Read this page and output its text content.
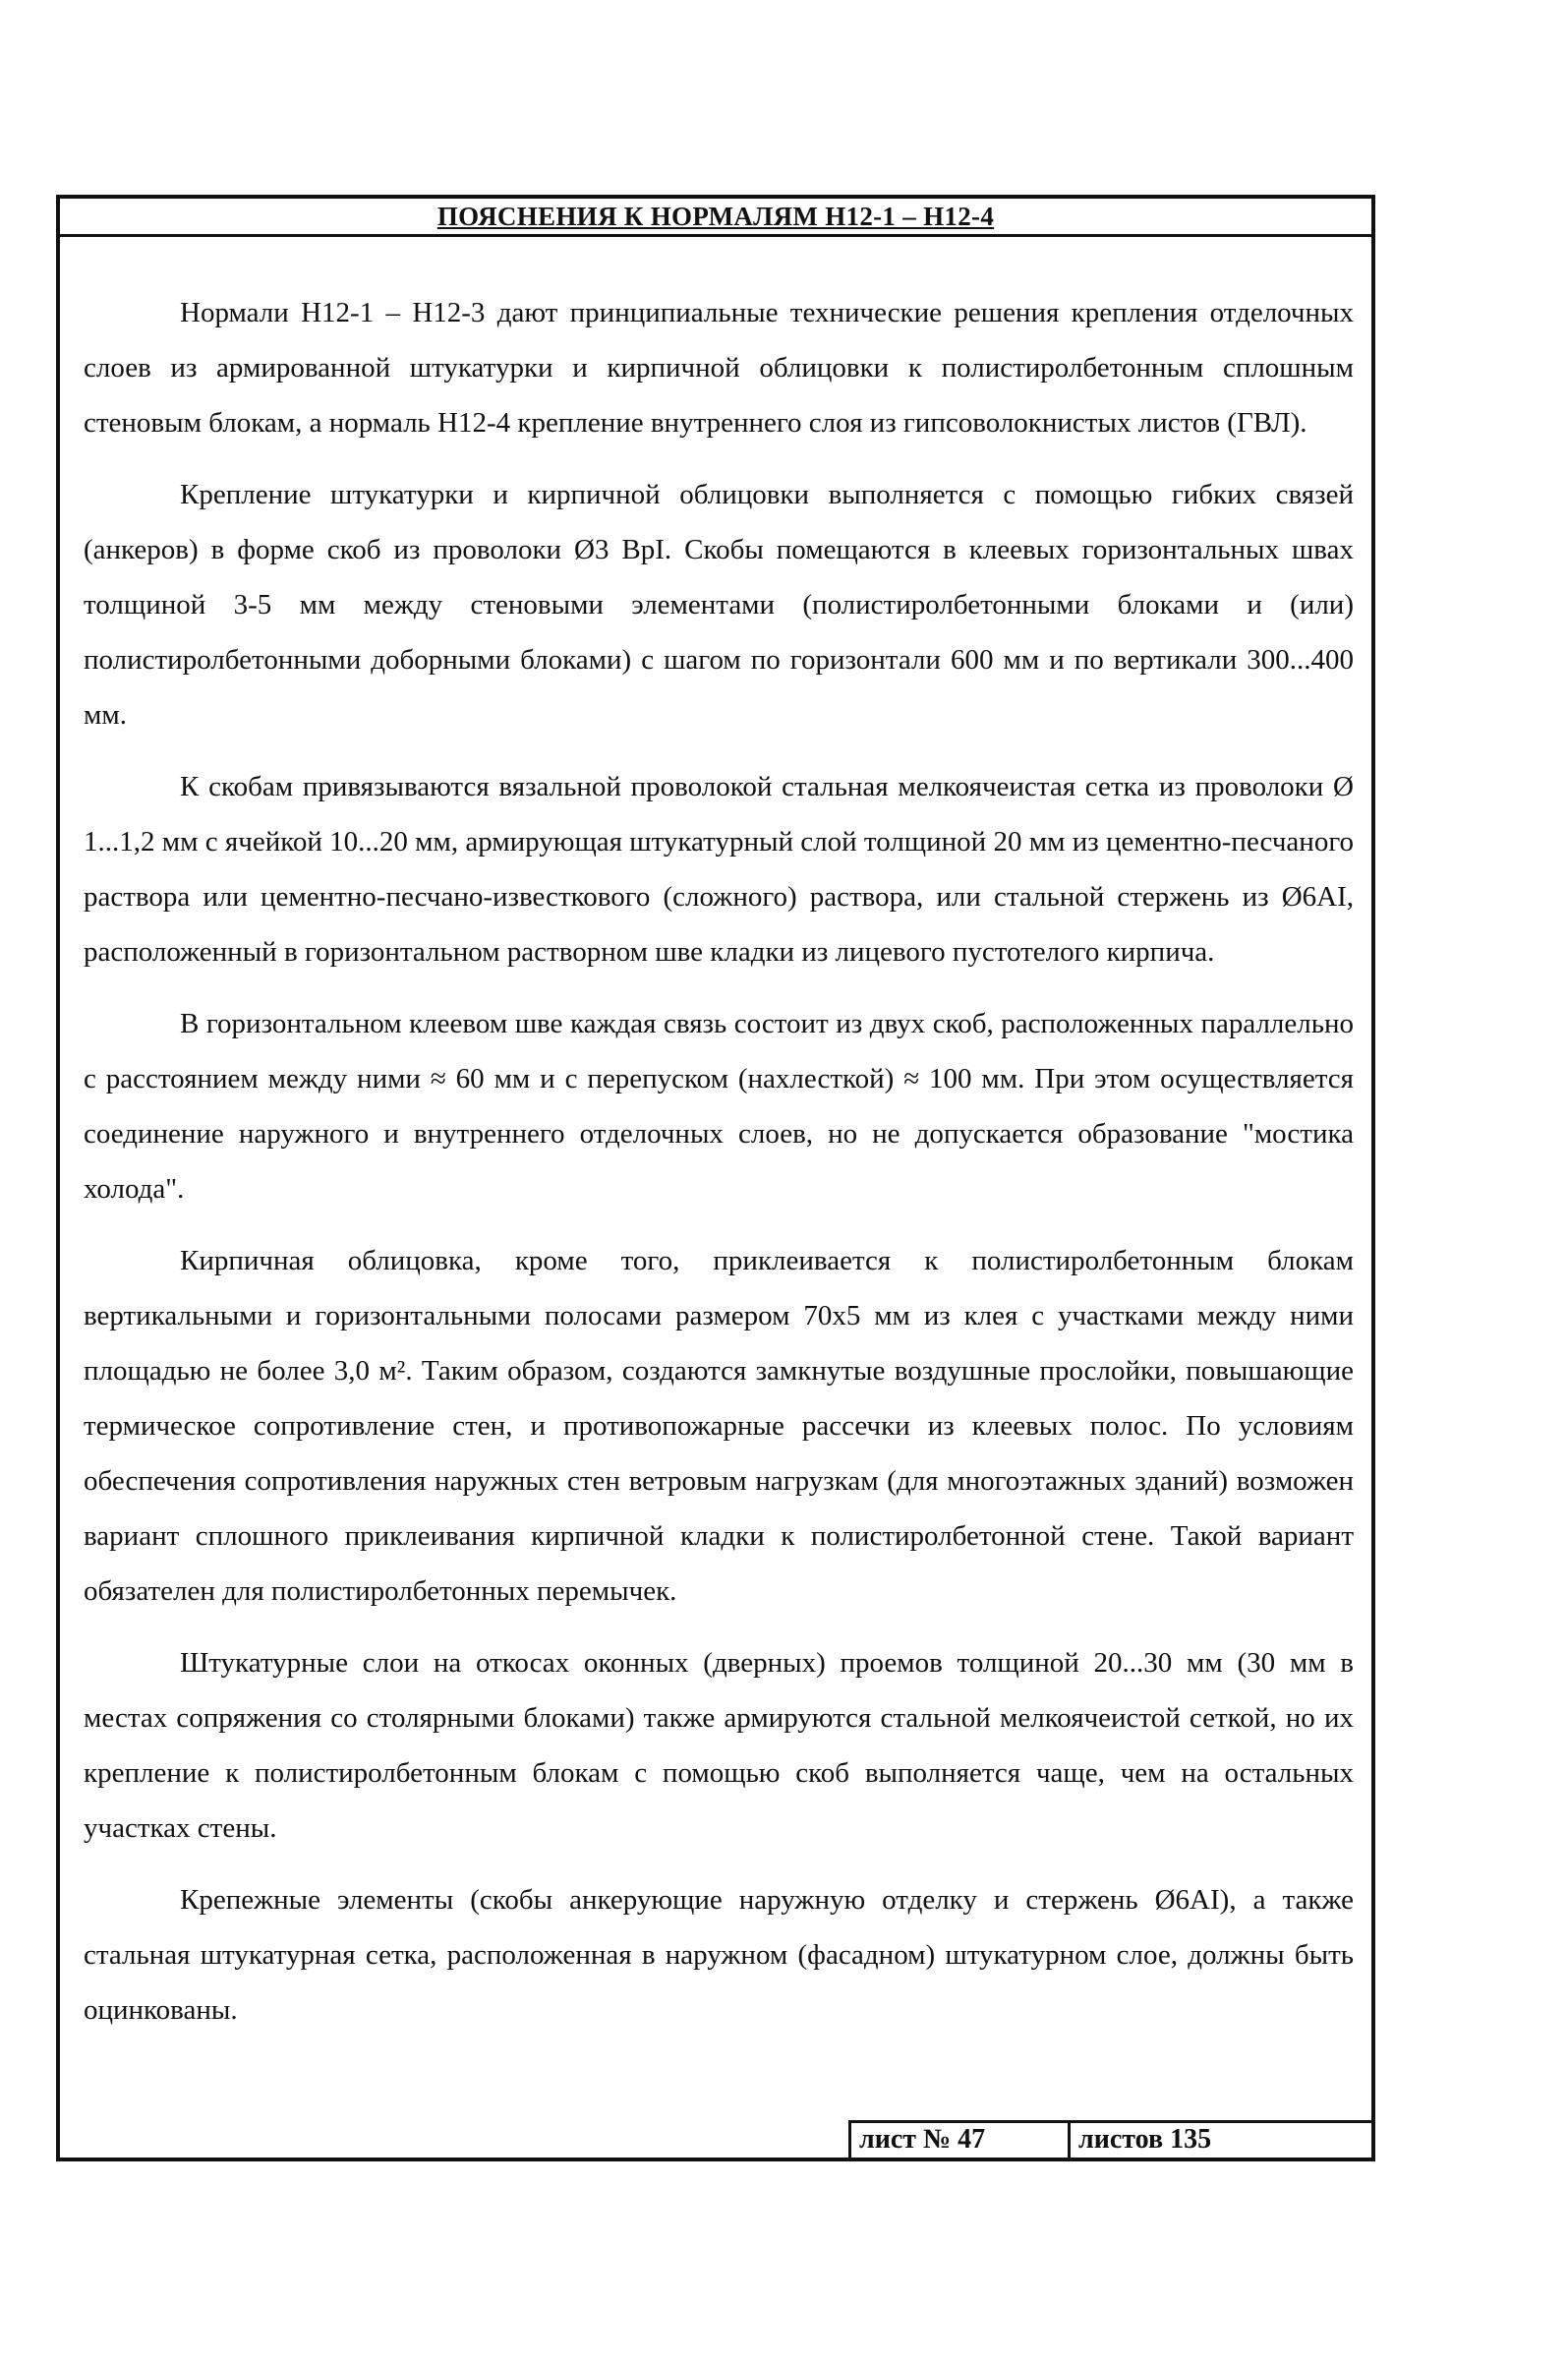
ПОЯСНЕНИЯ К НОРМАЛЯМ Н12-1 – Н12-4

Нормали Н12-1 – Н12-3 дают принципиальные технические решения крепления отделочных слоев из армированной штукатурки и кирпичной облицовки к полистиролбетонным сплошным стеновым блокам, а нормаль Н12-4 крепление внутреннего слоя из гипсоволокнистых листов (ГВЛ).

Крепление штукатурки и кирпичной облицовки выполняется с помощью гибких связей (анкеров) в форме скоб из проволоки Ø3 ВрI. Скобы помещаются в клеевых горизонтальных швах толщиной 3-5 мм между стеновыми элементами (полистиролбетонными блоками и (или) полистиролбетонными доборными блоками) с шагом по горизонтали 600 мм и по вертикали 300...400 мм.

К скобам привязываются вязальной проволокой стальная мелкоячеистая сетка из проволоки Ø 1...1,2 мм с ячейкой 10...20 мм, армирующая штукатурный слой толщиной 20 мм из цементно-песчаного раствора или цементно-песчано-известкового (сложного) раствора, или стальной стержень из Ø6АI, расположенный в горизонтальном растворном шве кладки из лицевого пустотелого кирпича.

В горизонтальном клеевом шве каждая связь состоит из двух скоб, расположенных параллельно с расстоянием между ними ≈ 60 мм и с перепуском (нахлесткой) ≈ 100 мм. При этом осуществляется соединение наружного и внутреннего отделочных слоев, но не допускается образование "мостика холода".

Кирпичная облицовка, кроме того, приклеивается к полистиролбетонным блокам вертикальными и горизонтальными полосами размером 70х5 мм из клея с участками между ними площадью не более 3,0 м². Таким образом, создаются замкнутые воздушные прослойки, повышающие термическое сопротивление стен, и противопожарные рассечки из клеевых полос. По условиям обеспечения сопротивления наружных стен ветровым нагрузкам (для многоэтажных зданий) возможен вариант сплошного приклеивания кирпичной кладки к полистиролбетонной стене. Такой вариант обязателен для полистиролбетонных перемычек.

Штукатурные слои на откосах оконных (дверных) проемов толщиной 20...30 мм (30 мм в местах сопряжения со столярными блоками) также армируются стальной мелкоячеистой сеткой, но их крепление к полистиролбетонным блокам с помощью скоб выполняется чаще, чем на остальных участках стены.

Крепежные элементы (скобы анкерующие наружную отделку и стержень Ø6АI), а также стальная штукатурная сетка, расположенная в наружном (фасадном) штукатурном слое, должны быть оцинкованы.

лист № 47	листов 135
